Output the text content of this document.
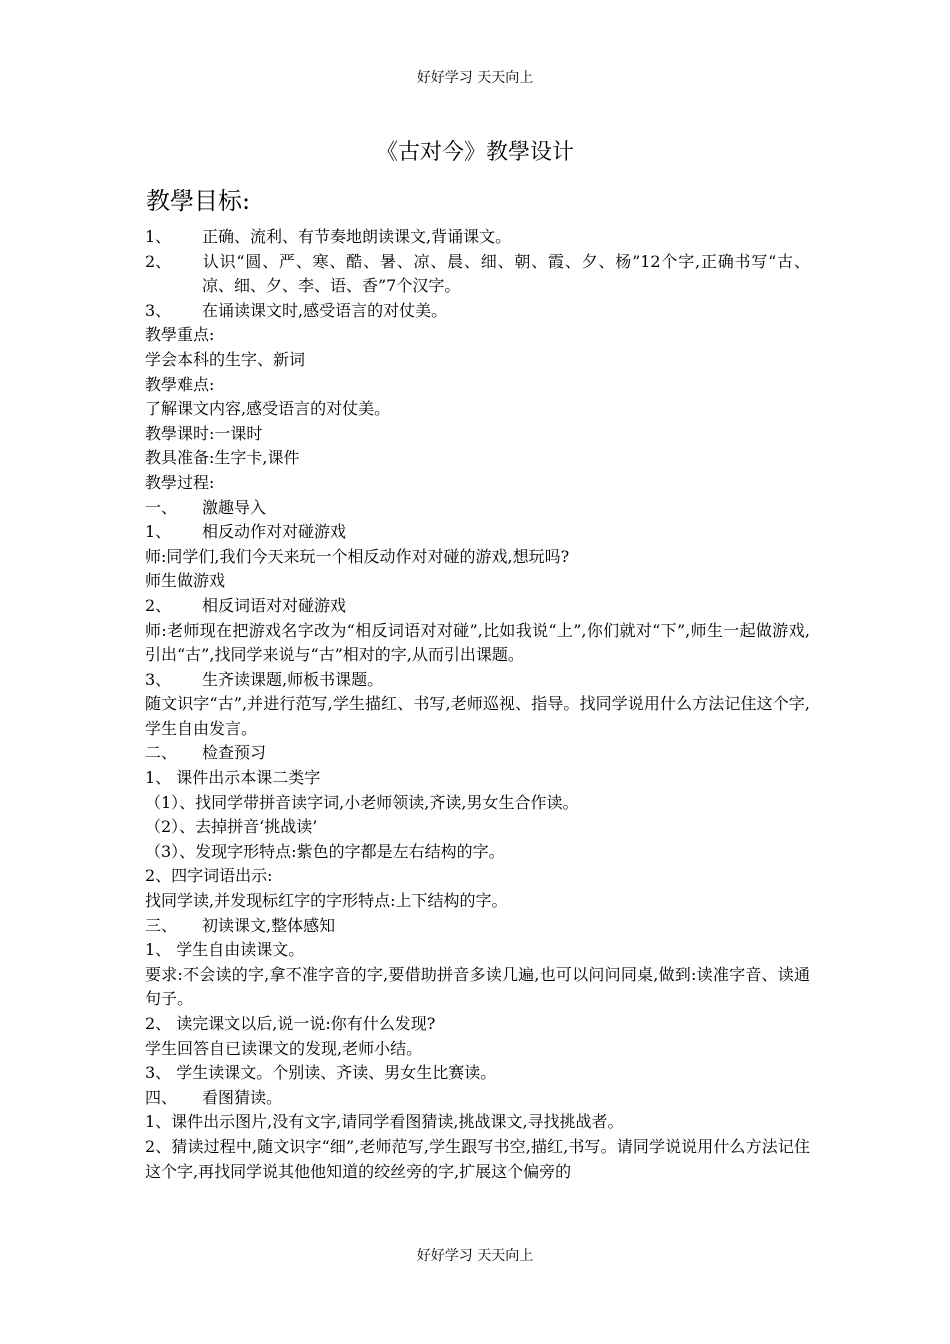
好好学习 天天向上
《古对今》教學设计
教學目标:
1、 正确、流利、有节奏地朗读课文,背诵课文。
2、 认识“圆、严、寒、酷、暑、凉、晨、细、朝、霞、夕、杨”12个字,正确书写“古、凉、细、夕、李、语、香”7个汉字。
3、 在诵读课文时,感受语言的对仗美。
教學重点:
学会本科的生字、新词
教學难点:
了解课文内容,感受语言的对仗美。
教學课时:一课时
教具准备:生字卡,课件
教學过程:
一、 激趣导入
1、 相反动作对对碰游戏
师:同学们,我们今天来玩一个相反动作对对碰的游戏,想玩吗?
师生做游戏
2、 相反词语对对碰游戏
师:老师现在把游戏名字改为“相反词语对对碰”,比如我说“上”,你们就对“下”,师生一起做游戏,引出“古”,找同学来说与“古”相对的字,从而引出课题。
3、 生齐读课题,师板书课题。
随文识字“古”,并进行范写,学生描红、书写,老师巡视、指导。找同学说用什么方法记住这个字,学生自由发言。
二、 检查预习
1、 课件出示本课二类字
（1）、找同学带拼音读字词,小老师领读,齐读,男女生合作读。
（2）、去掉拼音‘挑战读’
（3）、发现字形特点:紫色的字都是左右结构的字。
2、四字词语出示:
找同学读,并发现标红字的字形特点:上下结构的字。
三、 初读课文,整体感知
1、 学生自由读课文。
要求:不会读的字,拿不准字音的字,要借助拼音多读几遍,也可以问问同桌,做到:读准字音、读通句子。
2、 读完课文以后,说一说:你有什么发现?
学生回答自已读课文的发现,老师小结。
3、 学生读课文。个别读、齐读、男女生比赛读。
四、 看图猜读。
1、课件出示图片,没有文字,请同学看图猜读,挑战课文,寻找挑战者。
2、猜读过程中,随文识字“细”,老师范写,学生跟写书空,描红,书写。请同学说说用什么方法记住这个字,再找同学说其他他知道的绞丝旁的字,扩展这个偏旁的
好好学习 天天向上
